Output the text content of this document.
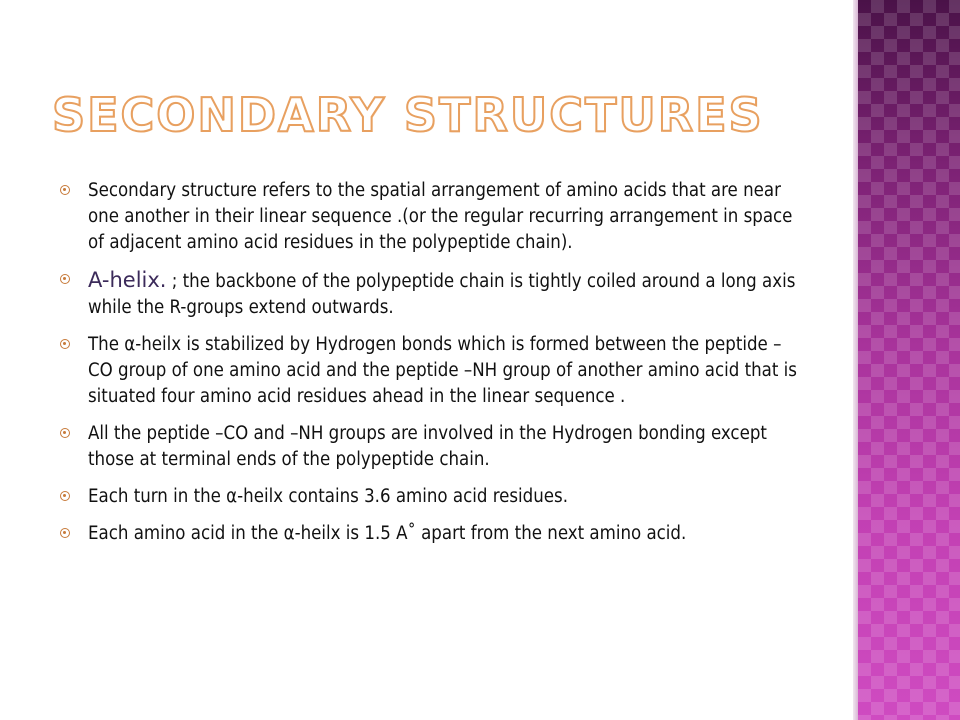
SECONDARY STRUCTURES
Secondary structure refers to the spatial arrangement of amino acids that are near one another in their linear sequence .(or the regular recurring arrangement in space of adjacent amino acid residues in the polypeptide chain).
A-helix. ; the backbone of the polypeptide chain is tightly coiled around a long axis while the R-groups extend outwards.
The α-heilx is stabilized by Hydrogen bonds which is formed between the peptide –CO group of one amino acid and the peptide –NH group of another amino acid that is situated four amino acid residues ahead in the linear sequence .
All the peptide –CO and –NH groups are involved in the Hydrogen bonding except those at terminal ends of the polypeptide chain.
Each turn in the α-heilx contains 3.6 amino acid residues.
Each amino acid in the α-heilx is 1.5 A˚ apart from the next amino acid.
